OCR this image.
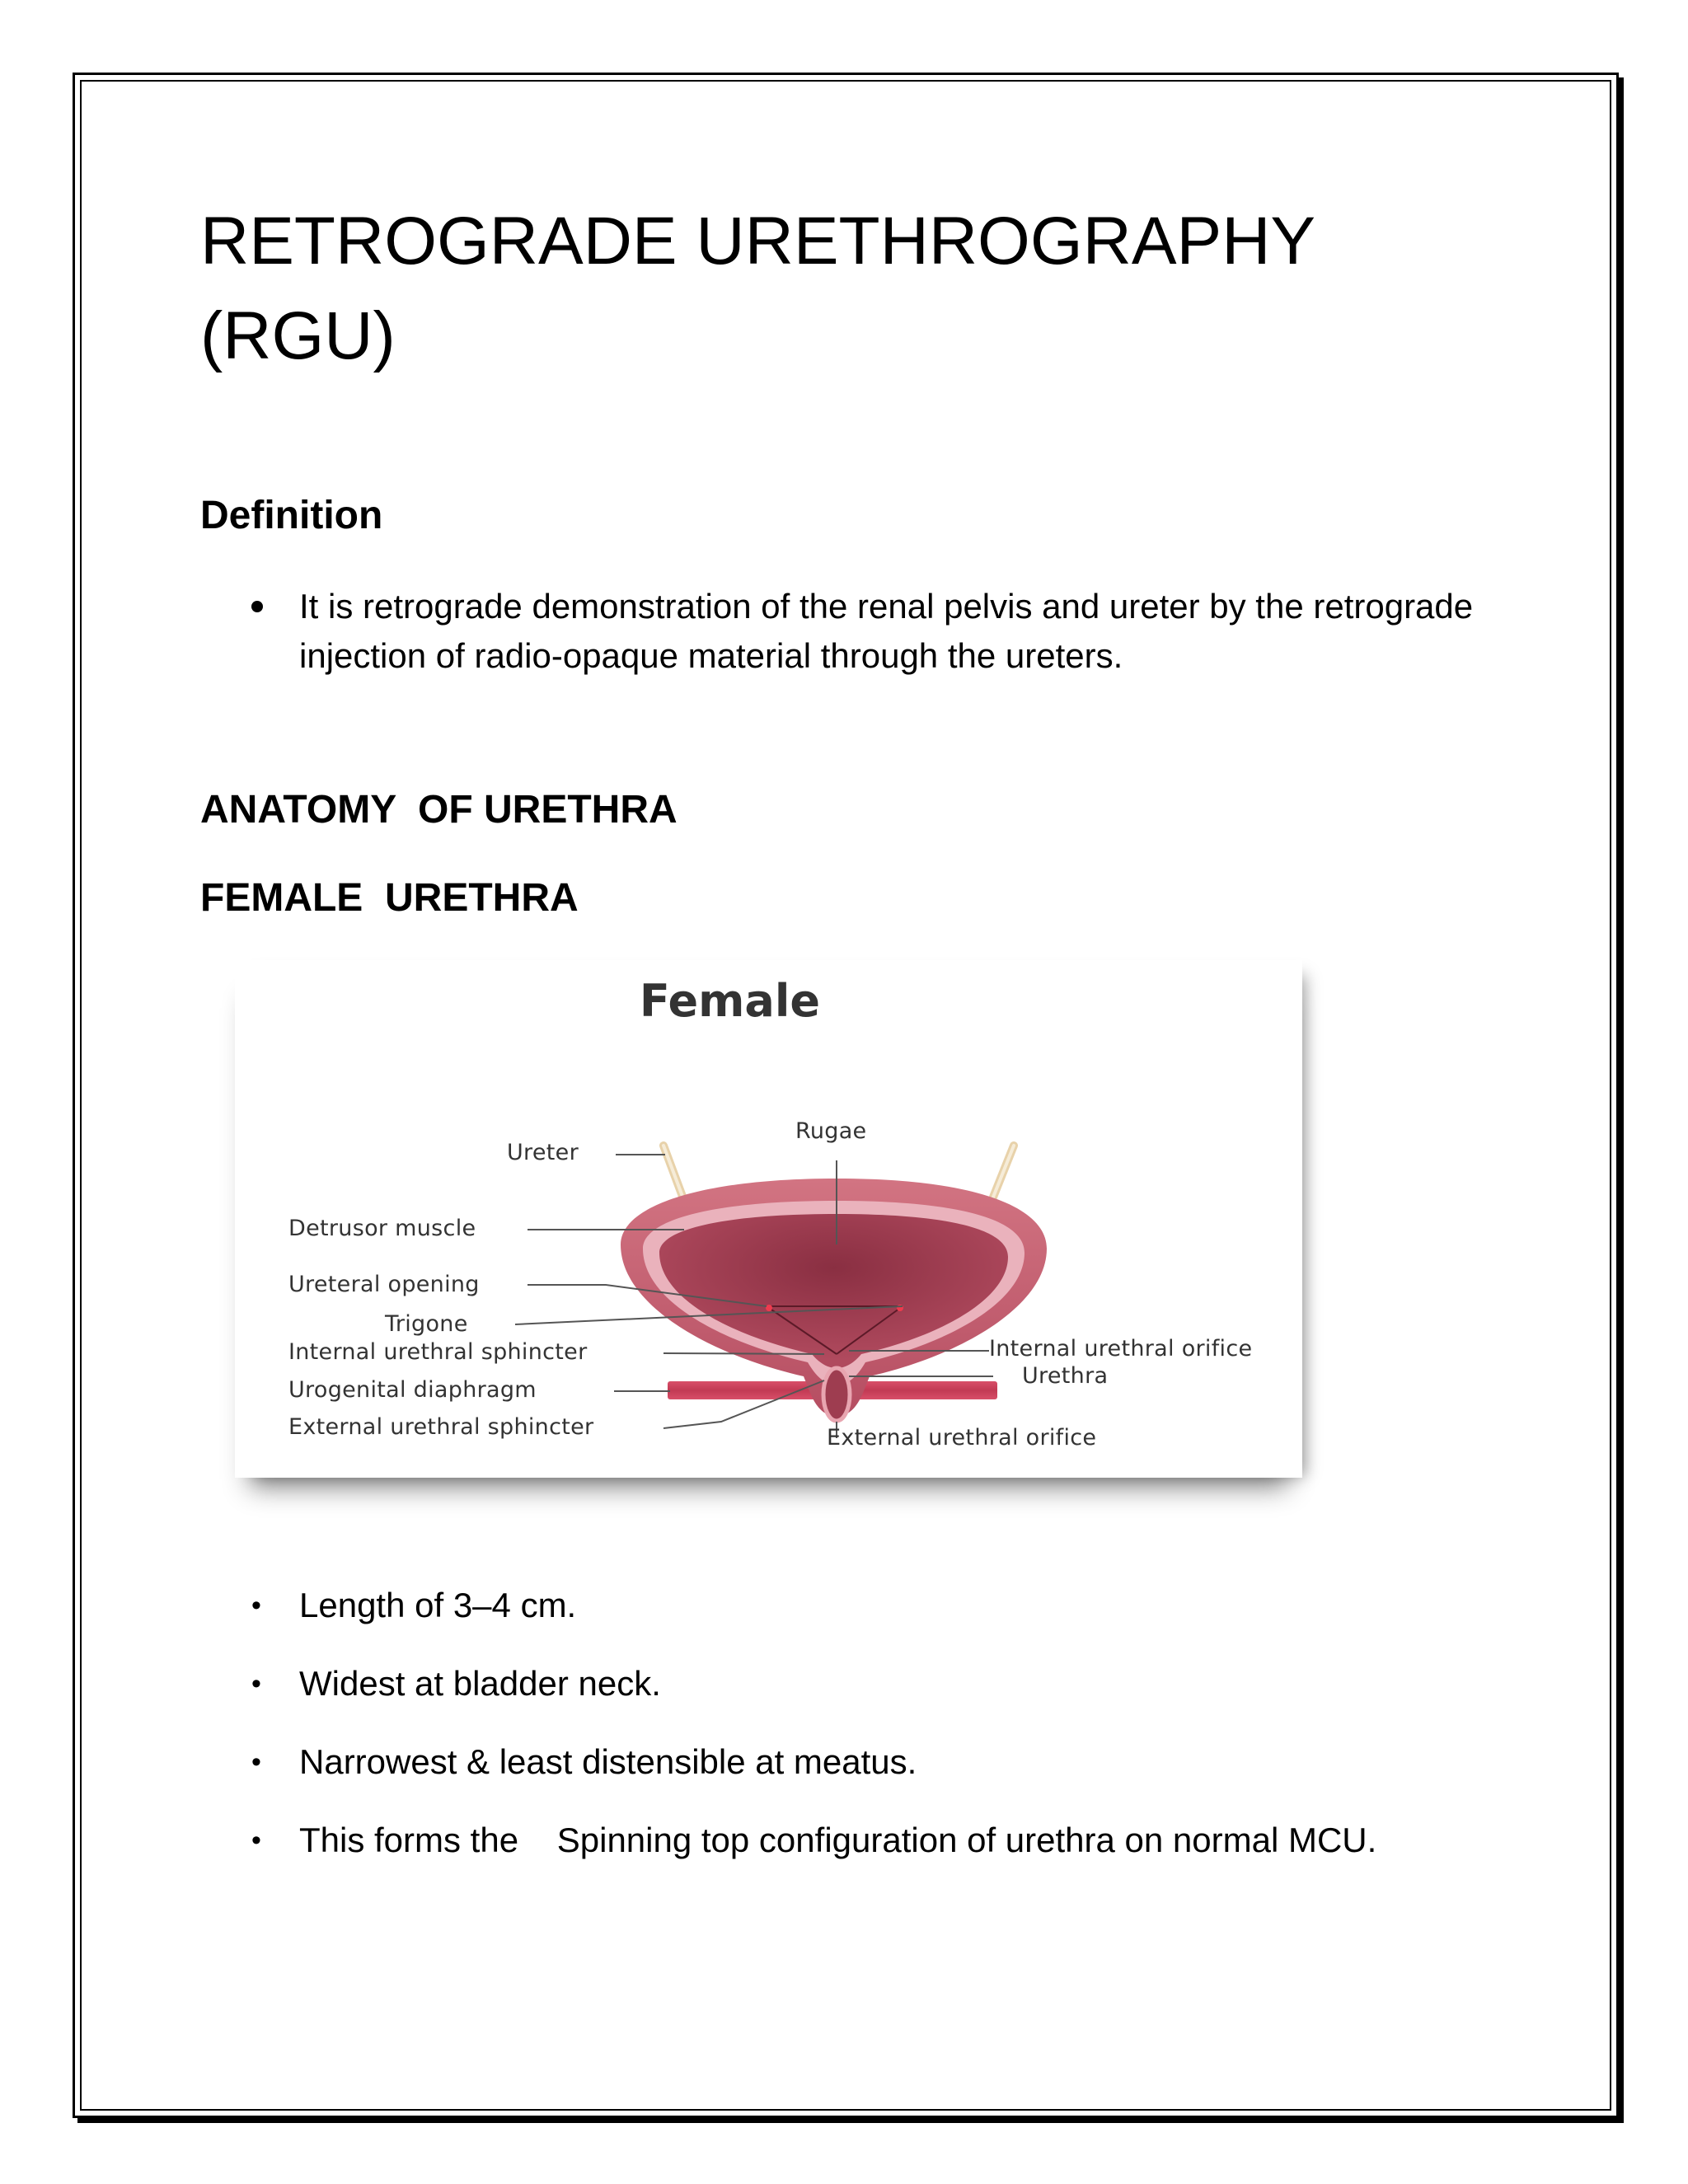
RETROGRADE URETHROGRAPHY (RGU)
Definition
It is retrograde demonstration of the renal pelvis and ureter by the retrograde injection of radio-opaque material through the ureters.
ANATOMY  OF URETHRA
FEMALE  URETHRA
Female
Ureter
Rugae
Detrusor muscle
Ureteral opening
Trigone
Internal urethral sphincter
Urogenital diaphragm
External urethral sphincter
Internal urethral orifice
Urethra
External urethral orifice
• Length of 3–4 cm.
• Widest at bladder neck.
• Narrowest & least distensible at meatus.
• This forms the    Spinning top configuration of urethra on normal MCU.
